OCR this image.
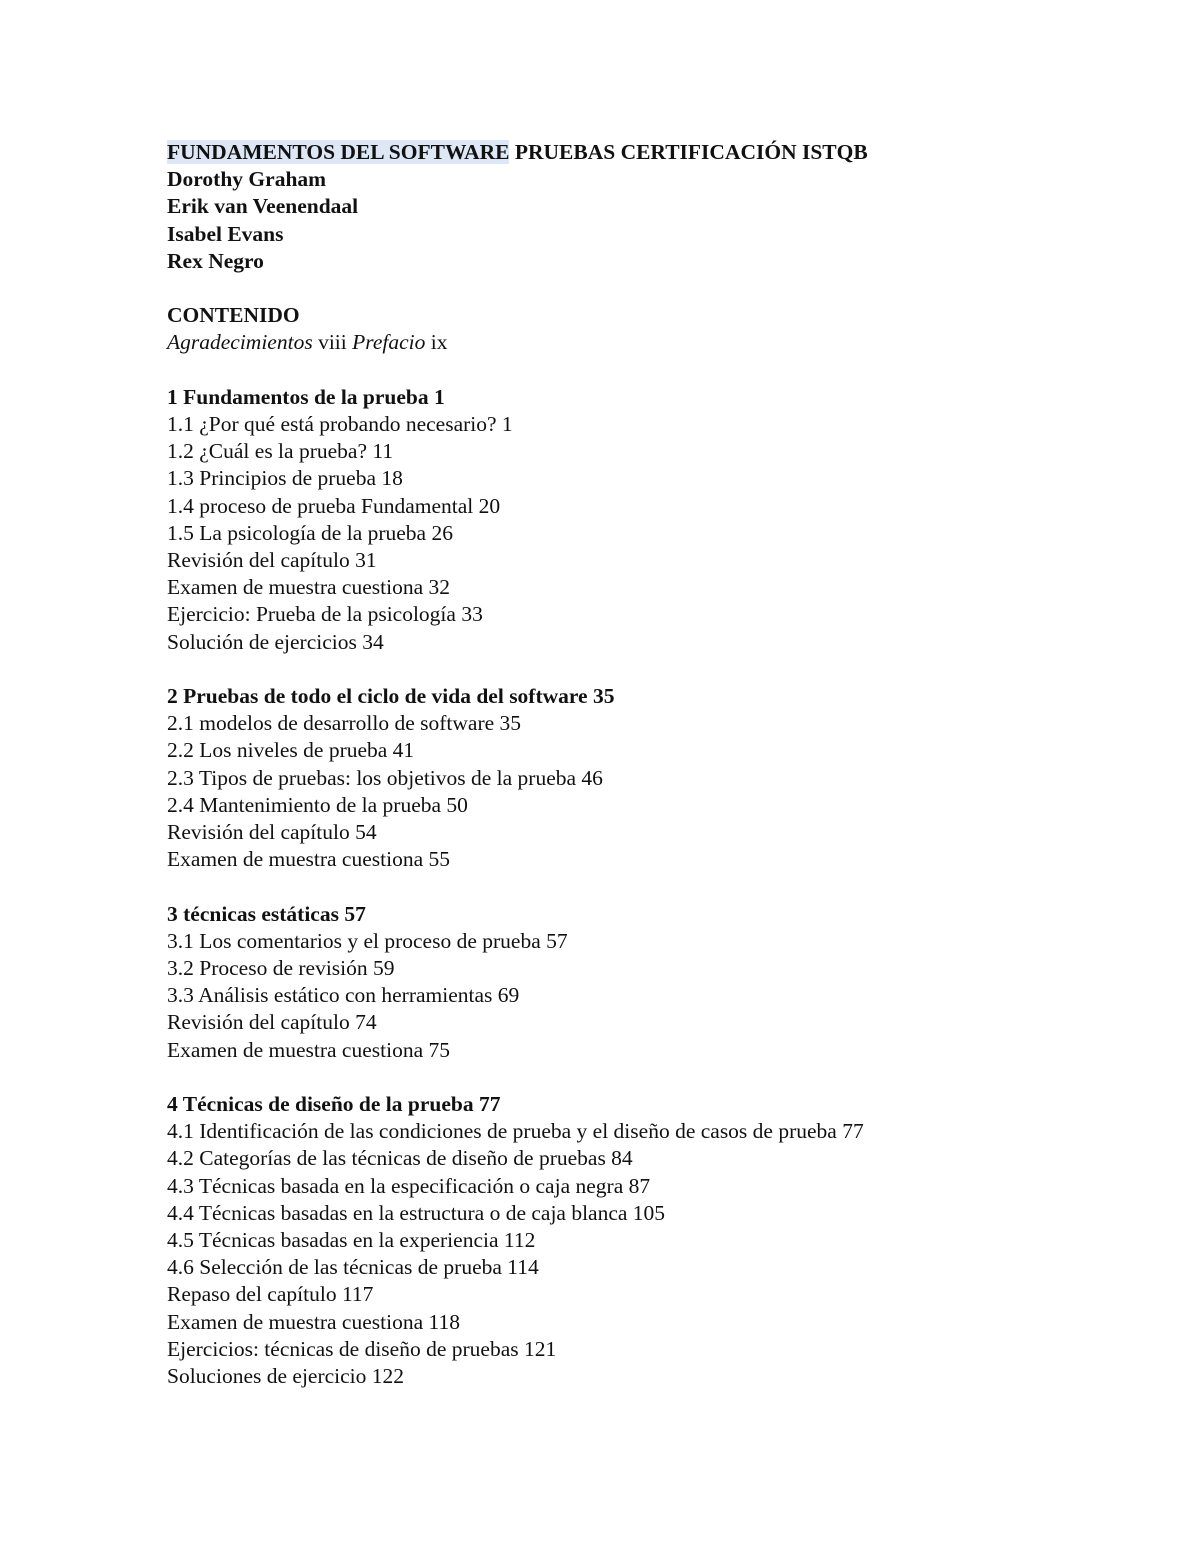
FUNDAMENTOS DEL SOFTWARE PRUEBAS CERTIFICACIÓN ISTQB
Dorothy Graham
Erik van Veenendaal
Isabel Evans
Rex Negro
CONTENIDO
Agradecimientos viii Prefacio ix
1 Fundamentos de la prueba 1
1.1 ¿Por qué está probando necesario? 1
1.2 ¿Cuál es la prueba? 11
1.3 Principios de prueba 18
1.4 proceso de prueba Fundamental 20
1.5 La psicología de la prueba 26
Revisión del capítulo 31
Examen de muestra cuestiona 32
Ejercicio: Prueba de la psicología 33
Solución de ejercicios 34
2 Pruebas de todo el ciclo de vida del software 35
2.1 modelos de desarrollo de software 35
2.2 Los niveles de prueba 41
2.3 Tipos de pruebas: los objetivos de la prueba 46
2.4 Mantenimiento de la prueba 50
Revisión del capítulo 54
Examen de muestra cuestiona 55
3 técnicas estáticas 57
3.1 Los comentarios y el proceso de prueba 57
3.2 Proceso de revisión 59
3.3 Análisis estático con herramientas 69
Revisión del capítulo 74
Examen de muestra cuestiona 75
4 Técnicas de diseño de la prueba 77
4.1 Identificación de las condiciones de prueba y el diseño de casos de prueba 77
4.2 Categorías de las técnicas de diseño de pruebas 84
4.3 Técnicas basada en la especificación o caja negra 87
4.4 Técnicas basadas en la estructura o de caja blanca 105
4.5 Técnicas basadas en la experiencia 112
4.6 Selección de las técnicas de prueba 114
Repaso del capítulo 117
Examen de muestra cuestiona 118
Ejercicios: técnicas de diseño de pruebas 121
Soluciones de ejercicio 122
